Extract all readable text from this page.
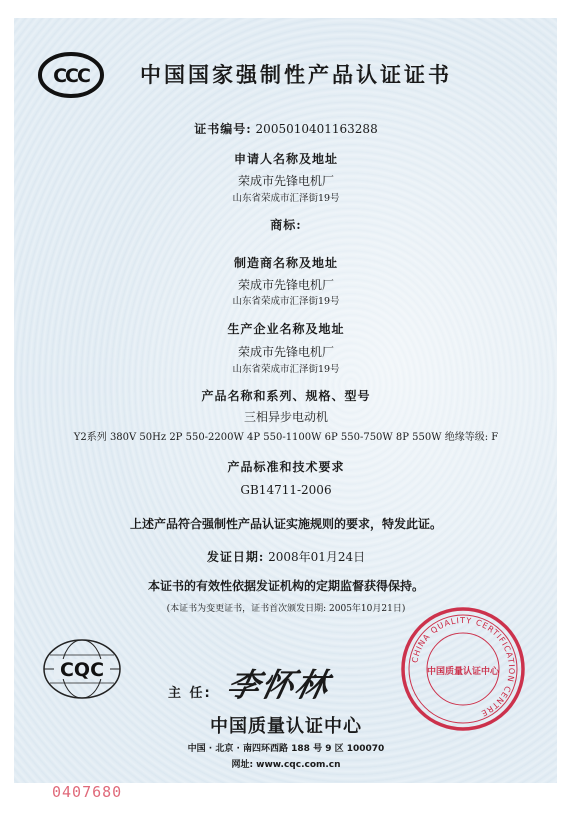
CCC 中国国家强制性产品认证证书
证书编号: 2005010401163288
申请人名称及地址
荣成市先锋电机厂
山东省荣成市汇泽街19号
商标:
制造商名称及地址
荣成市先锋电机厂
山东省荣成市汇泽街19号
生产企业名称及地址
荣成市先锋电机厂
山东省荣成市汇泽街19号
产品名称和系列、规格、型号
三相异步电动机
Y2系列 380V 50Hz 2P 550-2200W 4P 550-1100W 6P 550-750W 8P 550W 绝缘等级: F
产品标准和技术要求
GB14711-2006
上述产品符合强制性产品认证实施规则的要求，特发此证。
发证日期: 2008年01月24日
本证书的有效性依据发证机构的定期监督获得保持。
(本证书为变更证书，证书首次颁发日期: 2005年10月21日)
CQC
主 任: 李怀林
中国质量认证中心
中国 · 北京 · 南四环西路 188 号 9 区 100070
网址: www.cqc.com.cn
CHINA QUALITY CERTIFICATION CENTRE
中国质量认证中心
0407680
